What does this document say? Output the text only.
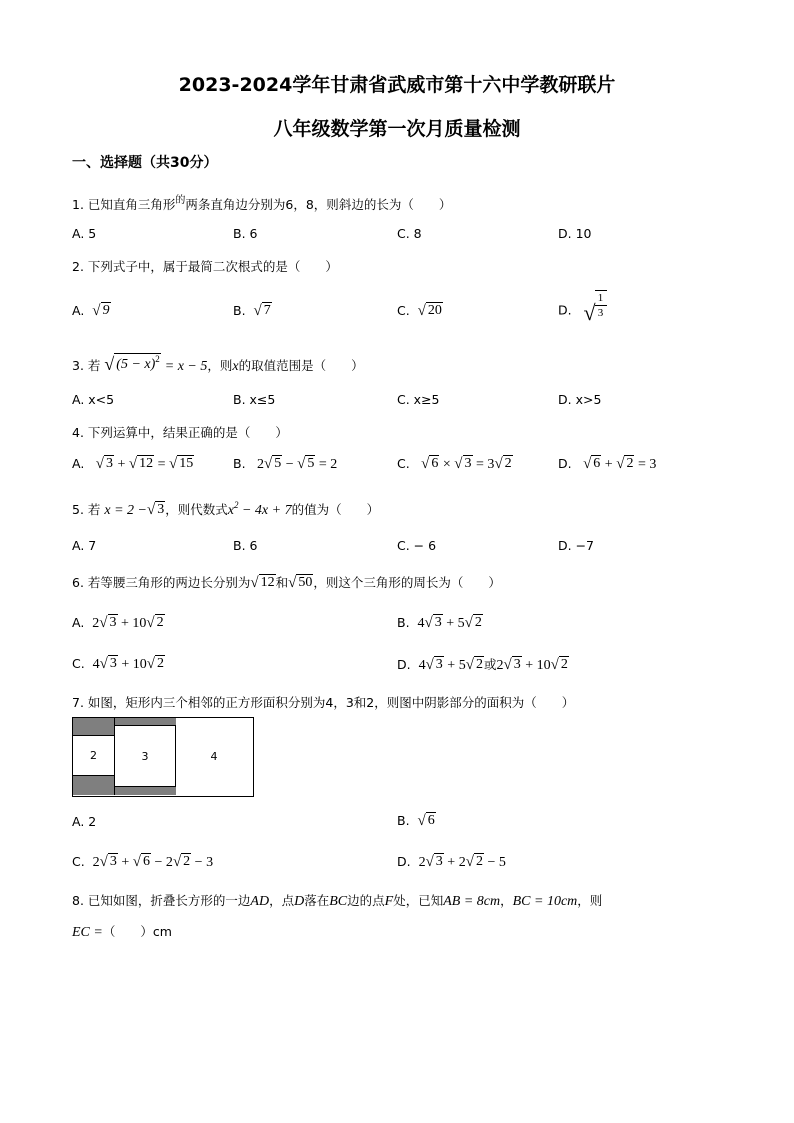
2023-2024学年甘肃省武威市第十六中学教研联片
八年级数学第一次月质量检测
一、选择题（共30分）
1. 已知直角三角形$^的$两条直角边分别为6，8，则斜边的长为（　　）
A. 5	B. 6	C. 8	D. 10
2. 下列式子中，属于最简二次根式的是（　　）
A. √ 9	B. √ 7	C. √ 20	D. √
1
3
3. 若 √ $(5 - x)^2 = x - 5$，则x的取值范围是（　　）
A. x<5	B. x≤5	C. x≥5	D. x>5
4. 下列运算中，结果正确的是（　　）
A. √ 3 + √ 12 = √ 15	B.   2 √ 5 − √ 5 = 2	C. √ 6 × √ 3 = 3 √ 2	D. √ 6 + √ 2 = 3
5. 若 x = 2 − √ 3 ，则代数式$x^2 - 4x + 7$的值为（　　）
A. 7	B. 6	C. − 6	D. −7
6. 若等腰三角形的两边长分别为 √ 12 和 √ 50 ，则这个三角形的周长为（　　）
A. 2 √ 3 + 10 √ 2	B. 4 √ 3 + 5 √ 2
C. 4 √ 3 + 10 √ 2	D. 4 √ 3 + 5 √ 2 或2 √ 3 + 10 √ 2
7. 如图，矩形内三个相邻的正方形面积分别为4，3和2，则图中阴影部分的面积为（　　）
2	3	4
A. 2	B. √ 6
C. 2 √ 3 + √ 6 − 2 √ 2 − 3	D. 2 √ 3 + 2 √ 2 − 5
8. 已知如图，折叠长方形的一边AD，点D落在BC边的点F处，已知AB = 8cm，BC = 10cm，则
EC =（　　）cm
